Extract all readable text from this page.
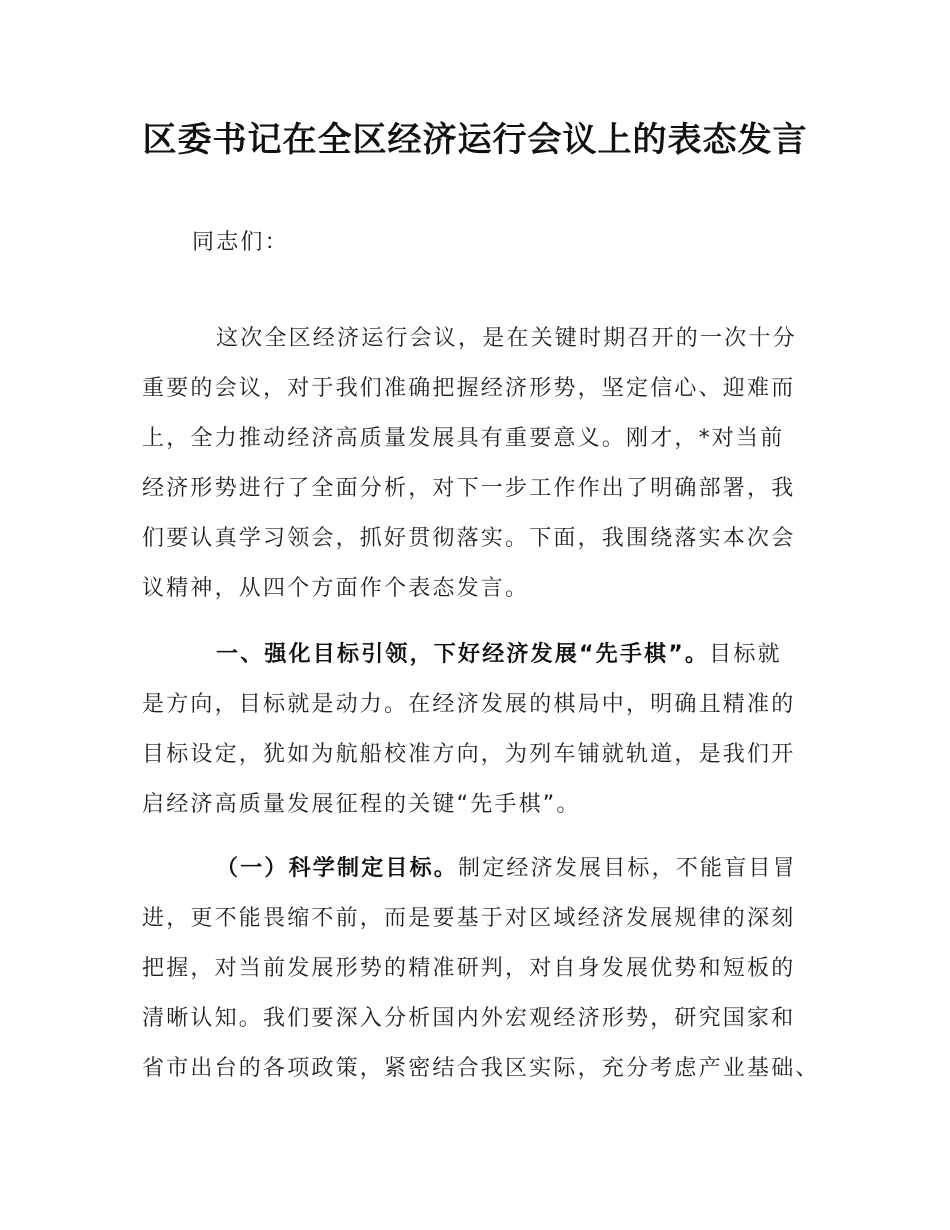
区委书记在全区经济运行会议上的表态发言
同志们：
这次全区经济运行会议，是在关键时期召开的一次十分
重要的会议，对于我们准确把握经济形势，坚定信心、迎难而
上，全力推动经济高质量发展具有重要意义。刚才，*对当前
经济形势进行了全面分析，对下一步工作作出了明确部署，我
们要认真学习领会，抓好贯彻落实。下面，我围绕落实本次会
议精神，从四个方面作个表态发言。
一、强化目标引领，下好经济发展“先手棋”。目标就
是方向，目标就是动力。在经济发展的棋局中，明确且精准的
目标设定，犹如为航船校准方向，为列车铺就轨道，是我们开
启经济高质量发展征程的关键“先手棋”。
（一）科学制定目标。制定经济发展目标，不能盲目冒
进，更不能畏缩不前，而是要基于对区域经济发展规律的深刻
把握，对当前发展形势的精准研判，对自身发展优势和短板的
清晰认知。我们要深入分析国内外宏观经济形势，研究国家和
省市出台的各项政策，紧密结合我区实际，充分考虑产业基础、
